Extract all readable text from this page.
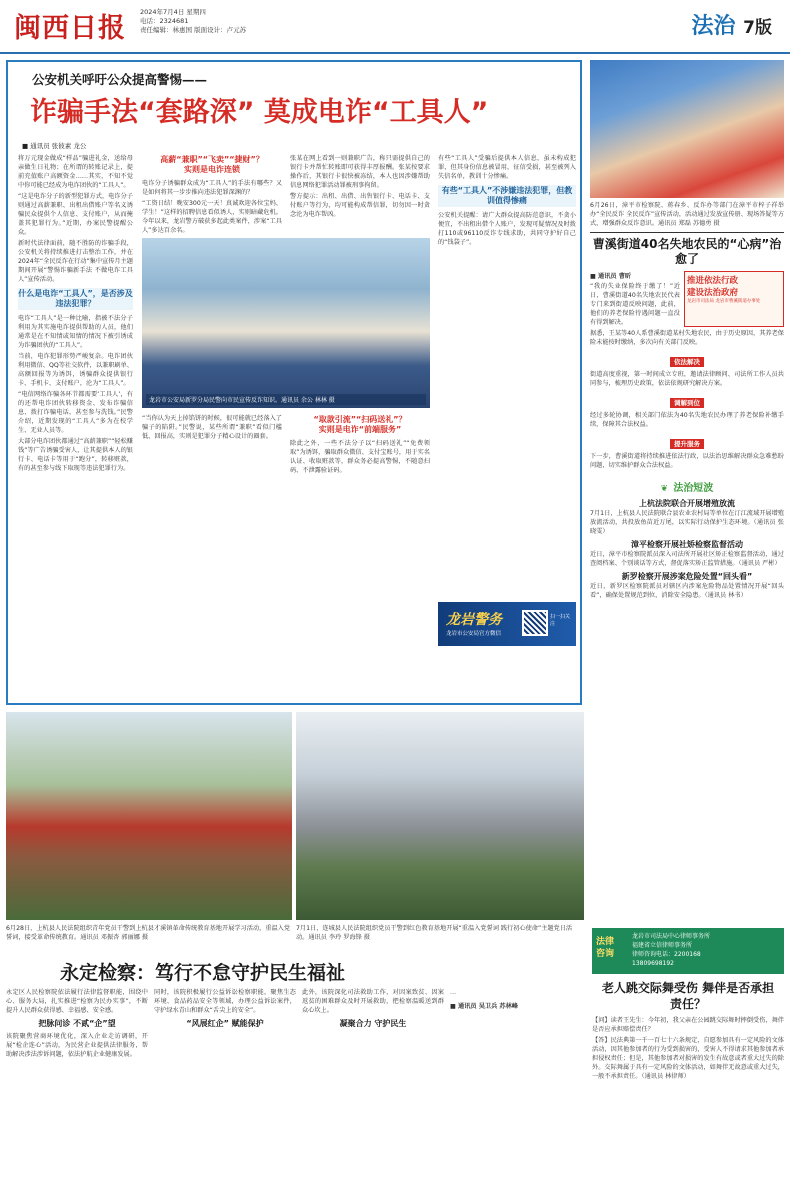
闽西日报
2024年7月4日 星期四
电话：2324681
责任编辑：林惠国 版面设计：卢元苏	法治 7版
公安机关呼吁公众提高警惕——
诈骗手法“套路深” 莫成电诈“工具人”
■ 通讯员 张彼素 龙公

将万元现金做成“样品”骗进礼金，送给母亲做生日礼物；在所谓的转账记录上，提前充值账户高额资金……其实，不知不觉中你可能已经成为电诈团伙的“工具人”。

“这是电诈分子的新型犯罪方式，电诈分子则通过高薪兼职、出租出借账户等名义诱骗民众提供个人信息、支付账户，从而掩盖其犯罪行为。”近期，办案民警提醒公众。

新时代法律面前，随不胜防的诈骗手段，公安机关将持续推进打击整治工作，并在2024年“全民反诈在行动”集中宣传月主题期间开展“警惕诈骗新手法 不做电诈工具人”宣传活动。

什么是电诈“工具人”，是否涉及违法犯罪？

电诈“工具人”是一种比喻，指被不法分子利用为其实施电诈提供帮助的人员，他们通常是在不知情或知情的情况下被引诱成为诈骗团伙的“工具人”。

当前，电诈犯罪形势严峻复杂。电诈团伙利用微信、QQ等社交软件，以兼职刷单、高额回报等为诱饵，诱骗群众提供银行卡、手机卡、支付账户，沦为“工具人”。

“电信网络诈骗各环节都需要‘工具人’，有的还帮电诈团伙转移资金、发布诈骗信息、拨打诈骗电话，甚至参与洗钱。”民警介绍，近期发现的“工具人”多为在校学生、无业人员等。

大部分电诈团伙都通过“高薪兼职”“轻松赚钱”等广告诱骗受害人，让其提供本人的银行卡、电话卡等用于“跑分”，转移赃款，有的甚至参与线下取现等违法犯罪行为。

高薪“兼职”“飞卖”“捷财”？
实则是电诈连锁

电诈分子诱骗群众成为“工具人”的手法有哪些？又是如何将其一步步推向违法犯罪深渊的？

“工资日结！晚安300元一天！真诚欢迎各位宝妈、学生！”这样的招聘信息看似诱人，实则暗藏危机。今年以来，龙岩警方破获多起此类案件，涉案“工具人”多达百余名。

张某在网上看到一则兼职广告，称只需提供自己的银行卡并帮忙转账即可获得丰厚报酬。张某按要求操作后，其银行卡很快被冻结，本人也因涉嫌帮助信息网络犯罪活动罪被刑事拘留。

警方提示：出租、出借、出售银行卡、电话卡、支付账户等行为，均可能构成帮信罪，切勿因一时贪念沦为电诈帮凶。

龙岩市公安局新罗分局民警向市民宣传反诈知识。通讯员 余公 林林 摄

“当你认为天上掉馅饼的时候，很可能就已经落入了骗子的陷阱。”民警说，某些所谓“兼职”看似门槛低、回报高，实则是犯罪分子精心设计的圈套。

“取款引流”“扫码送礼”？
实则是电诈“前端服务”

除此之外，一些不法分子以“扫码送礼”“免费领取”为诱饵，骗取群众微信、支付宝账号，用于实名认证、收取赃款等，群众务必提高警惕，不随意扫码、不泄露验证码。

有些“工具人”受骗后提供本人信息，虽未构成犯罪，但其身份信息被冒用，征信受损，甚至被列入失信名单，教训十分惨痛。

有些“工具人”不涉嫌违法犯罪，但教训值得惨痛

公安机关提醒：请广大群众提高防范意识，不贪小便宜，不出租出借个人账户，发现可疑情况及时拨打110或96110反诈专线求助，共同守护好自己的“钱袋子”。

龙岩警务
龙岩市公安局官方微信
扫一扫关注

6月26日，漳平市检察院、蒋春乡、反诈办等部门在漳平市梓子祥举办“全民反诈 全民反诈”宣传活动，活动通过发放宣传册、现场答疑等方式，增强群众反诈意识。通讯员 郑磊 苏德勇 摄

曹溪街道40名失地农民的“心病”治愈了
■ 通讯员 曹昕

“我的失业保险终于缴了！”近日，曹溪街道40名失地农民代表专门来到街道反映问题，此前，他们的养老保险待遇问题一直没有得到解决。

推进依法行政
建设法治政府
龙岩市司法局 龙岩市曹溪街道办事处

据悉，王某等40人系曹溪街道某村失地农民，由于历史原因，其养老保险未能按时缴纳，多次向有关部门反映。

依法解决

街道高度重视，第一时间成立专班，邀请法律顾问、司法所工作人员共同参与，梳理历史政策，依法依规研究解决方案。

调解到位

经过多轮协调，相关部门依法为40名失地农民办理了养老保险补缴手续，保障其合法权益。

提升服务

下一步，曹溪街道将持续推进依法行政，以法治思维解决群众急难愁盼问题，切实维护群众合法权益。

❦ 法治短波
上杭法院联合开展增殖放流

7月1日，上杭县人民法院联合县农业农村局等单位在汀江流域开展增殖放流活动，共投放鱼苗近万尾，以实际行动保护生态环境。（通讯员 张晓雯）

漳平检察开展社矫检察监督活动

近日，漳平市检察院派员深入司法所开展社区矫正检察监督活动，通过查阅档案、个别谈话等方式，督促落实矫正监管措施。（通讯员 严彬）

新罗检察开展涉案危险处置“回头看”

近日，新罗区检察院派员对辖区内涉案危险物品处置情况开展“回头看”，确保处置规范到位，消除安全隐患。（通讯员 林书）

6月28日，上杭县人民法院组织青年党员干警到上杭县才溪镇革命传统教育基地开展学习活动，重温入党誓词，接受革命传统教育。通讯员 邓振杏 郭丽娜 摄
7月1日，连城县人民法院组织党员干警到红色教育基地开展“重温入党誓词 践行初心使命”主题党日活动。通讯员 李玲 罗海锋 摄
永定检察：笃行不怠守护民生福祉

永定区人民检察院依法履行法律监督职能，围绕中心、服务大局，扎实推进“检察为民办实事”，不断提升人民群众获得感、幸福感、安全感。

把脉问诊 不贰“企”望

该院聚焦营商环境优化，深入企业走访调研，开展“检企连心”活动，为民营企业提供法律服务，帮助解决涉法涉诉问题，依法护航企业健康发展。

同时，该院积极履行公益诉讼检察职能，聚焦生态环境、食品药品安全等领域，办理公益诉讼案件，守护绿水青山和群众“舌尖上的安全”。

“风展红企” 赋能保护

此外，该院深化司法救助工作，对因案致贫、因案返贫的困难群众及时开展救助，把检察温暖送到群众心坎上。

凝聚合力 守护民生

…

■ 通讯员 吴卫兵 苏林峰
法律咨询
龙岩市司法局中心律师事务所
福建省立信律师事务所
律师咨询电话：2200168
13809698192
老人跳交际舞受伤 舞伴是否承担责任？

【问】读者王先生：今年初，我父亲在公园跳交际舞时摔倒受伤，舞伴是否应承担赔偿责任？

【答】民法典第一千一百七十六条规定，自愿参加具有一定风险的文体活动，因其他参加者的行为受到损害的，受害人不得请求其他参加者承担侵权责任；但是，其他参加者对损害的发生有故意或者重大过失的除外。交际舞属于具有一定风险的文体活动，如舞伴无故意或重大过失，一般不承担责任。（通讯员 林律师）
